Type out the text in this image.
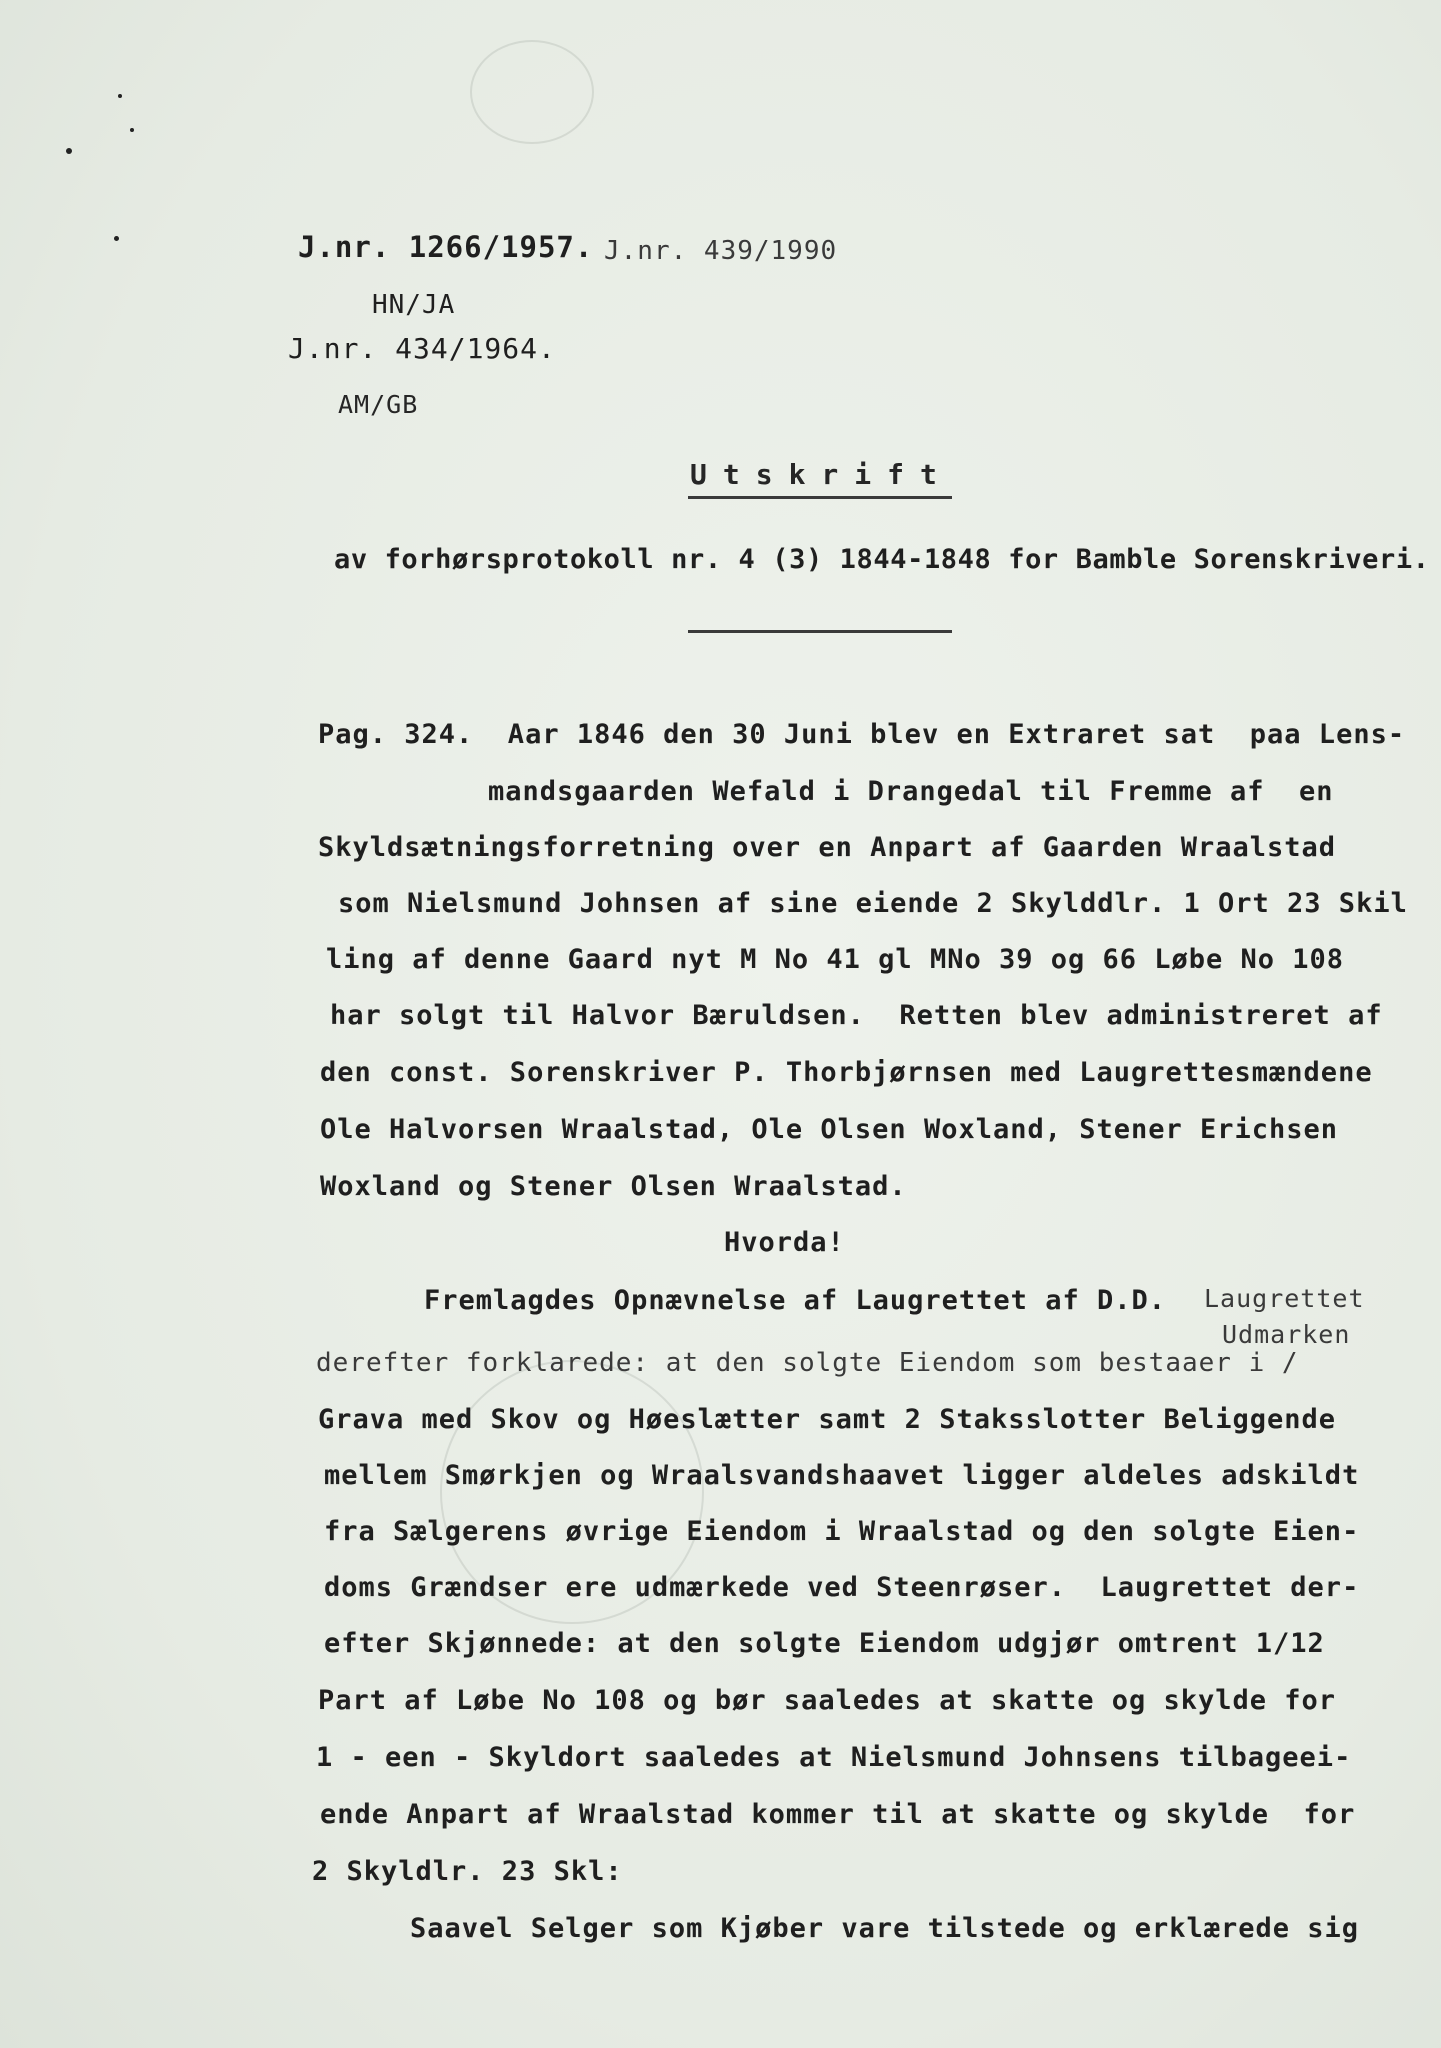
J.nr. 1266/1957. J.nr. 439/1990
HN/JA
J.nr. 434/1964.
AM/GB
Utskrift
av forhørsprotokoll nr. 4 (3) 1844-1848 for Bamble Sorenskriveri.
Pag. 324.  Aar 1846 den 30 Juni blev en Extraret sat  paa Lens-
mandsgaarden Wefald i Drangedal til Fremme af  en
Skyldsætningsforretning over en Anpart af Gaarden Wraalstad
som Nielsmund Johnsen af sine eiende 2 Skylddlr. 1 Ort 23 Skil
ling af denne Gaard nyt M No 41 gl MNo 39 og 66 Løbe No 108
har solgt til Halvor Bæruldsen.  Retten blev administreret af
den const. Sorenskriver P. Thorbjørnsen med Laugrettesmændene
Ole Halvorsen Wraalstad, Ole Olsen Woxland, Stener Erichsen
Woxland og Stener Olsen Wraalstad.
Hvorda!
Fremlagdes Opnævnelse af Laugrettet af D.D. Laugrettet
Udmarken
derefter forklarede: at den solgte Eiendom som bestaaer i /
Grava med Skov og Høeslætter samt 2 Staksslotter Beliggende
mellem Smørkjen og Wraalsvandshaavet ligger aldeles adskildt
fra Sælgerens øvrige Eiendom i Wraalstad og den solgte Eien-
doms Grændser ere udmærkede ved Steenrøser.  Laugrettet der-
efter Skjønnede: at den solgte Eiendom udgjør omtrent 1/12
Part af Løbe No 108 og bør saaledes at skatte og skylde for
1 - een - Skyldort saaledes at Nielsmund Johnsens tilbageei-
ende Anpart af Wraalstad kommer til at skatte og skylde  for
2 Skyldlr. 23 Skl:
Saavel Selger som Kjøber vare tilstede og erklærede sig
